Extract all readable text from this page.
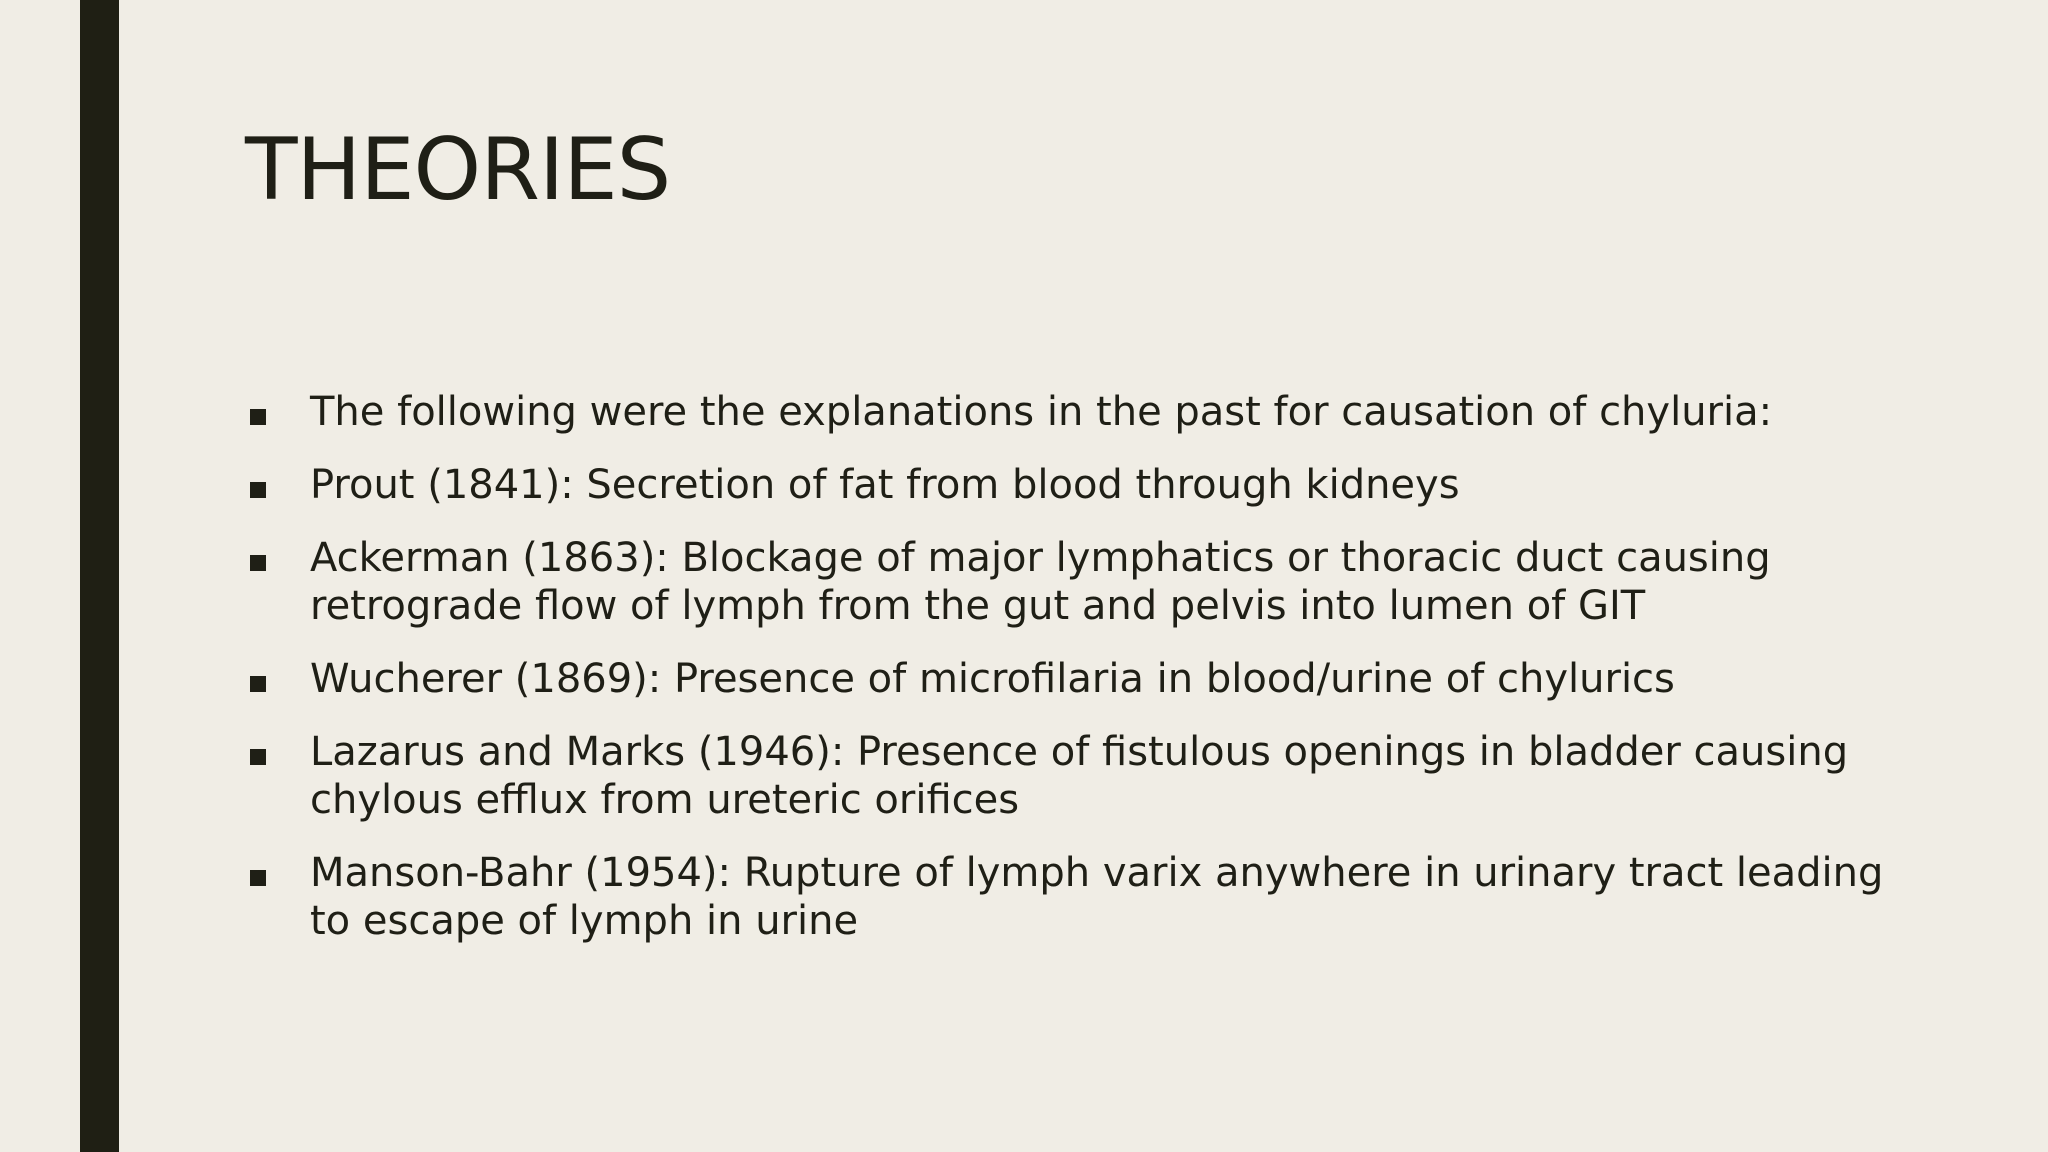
THEORIES
The following were the explanations in the past for causation of chyluria:
Prout (1841): Secretion of fat from blood through kidneys
Ackerman (1863): Blockage of major lymphatics or thoracic duct causing
retrograde flow of lymph from the gut and pelvis into lumen of GIT
Wucherer (1869): Presence of microfilaria in blood/urine of chylurics
Lazarus and Marks (1946): Presence of fistulous openings in bladder causing
chylous efflux from ureteric orifices
Manson-Bahr (1954): Rupture of lymph varix anywhere in urinary tract leading
to escape of lymph in urine
